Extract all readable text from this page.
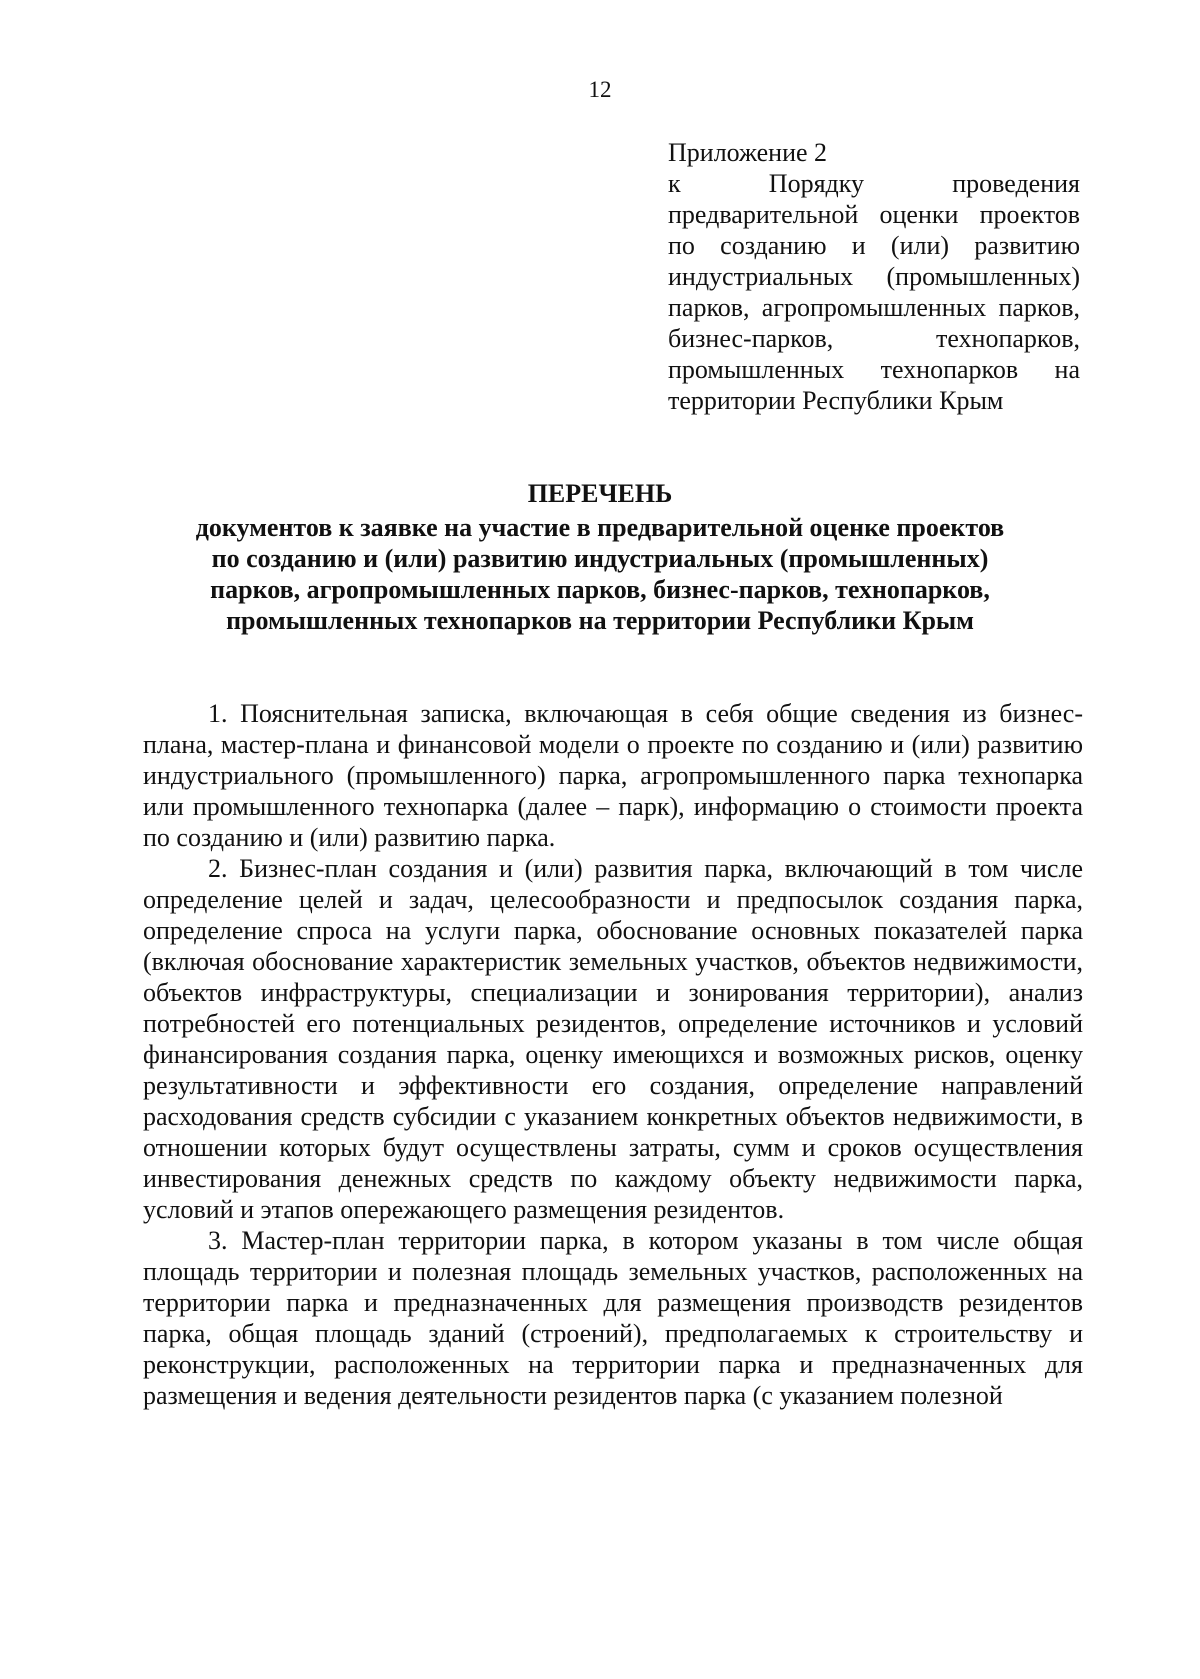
12
Приложение 2
к Порядку проведения предварительной оценки проектов по созданию и (или) развитию индустриальных (промышленных) парков, агропромышленных парков, бизнес-парков, технопарков, промышленных технопарков на территории Республики Крым
ПЕРЕЧЕНЬ
документов к заявке на участие в предварительной оценке проектов по созданию и (или) развитию индустриальных (промышленных) парков, агропромышленных парков, бизнес-парков, технопарков, промышленных технопарков на территории Республики Крым

1. Пояснительная записка, включающая в себя общие сведения из бизнес-плана, мастер-плана и финансовой модели о проекте по созданию и (или) развитию индустриального (промышленного) парка, агропромышленного парка технопарка или промышленного технопарка (далее – парк), информацию о стоимости проекта по созданию и (или) развитию парка.

2. Бизнес-план создания и (или) развития парка, включающий в том числе определение целей и задач, целесообразности и предпосылок создания парка, определение спроса на услуги парка, обоснование основных показателей парка (включая обоснование характеристик земельных участков, объектов недвижимости, объектов инфраструктуры, специализации и зонирования территории), анализ потребностей его потенциальных резидентов, определение источников и условий финансирования создания парка, оценку имеющихся и возможных рисков, оценку результативности и эффективности его создания, определение направлений расходования средств субсидии с указанием конкретных объектов недвижимости, в отношении которых будут осуществлены затраты, сумм и сроков осуществления инвестирования денежных средств по каждому объекту недвижимости парка, условий и этапов опережающего размещения резидентов.

3. Мастер-план территории парка, в котором указаны в том числе общая площадь территории и полезная площадь земельных участков, расположенных на территории парка и предназначенных для размещения производств резидентов парка, общая площадь зданий (строений), предполагаемых к строительству и реконструкции, расположенных на территории парка и предназначенных для размещения и ведения деятельности резидентов парка (с указанием полезной
